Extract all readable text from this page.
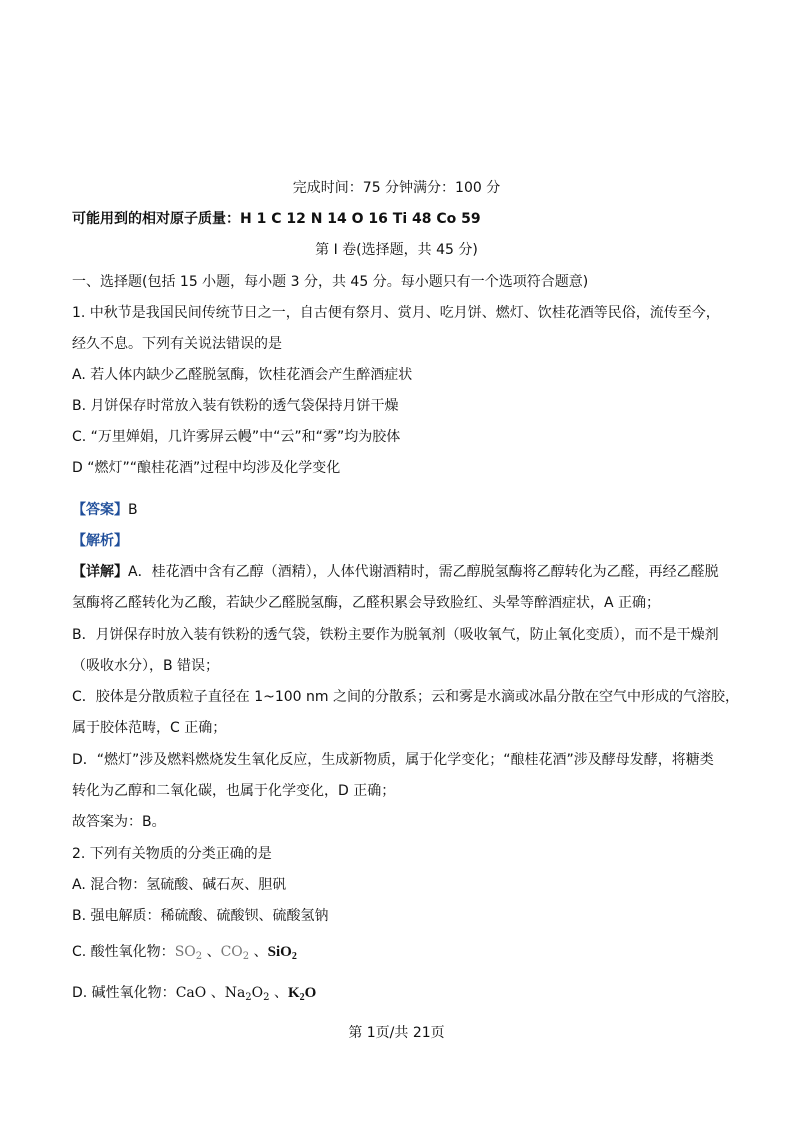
完成时间：75 分钟满分：100 分
可能用到的相对原子质量：H 1 C 12 N 14 O 16 Ti 48 Co 59
第 I 卷(选择题，共 45 分)
一、选择题(包括 15 小题，每小题 3 分，共 45 分。每小题只有一个选项符合题意)
1. 中秋节是我国民间传统节日之一，自古便有祭月、赏月、吃月饼、燃灯、饮桂花酒等民俗，流传至今，
经久不息。下列有关说法错误的是
A. 若人体内缺少乙醛脱氢酶，饮桂花酒会产生醉酒症状
B. 月饼保存时常放入装有铁粉的透气袋保持月饼干燥
C. “万里婵娟，几许雾屏云幔”中“云”和“雾”均为胶体
D “燃灯”“酿桂花酒”过程中均涉及化学变化
【答案】B
【解析】
【详解】A．桂花酒中含有乙醇（酒精），人体代谢酒精时，需乙醇脱氢酶将乙醇转化为乙醛，再经乙醛脱
氢酶将乙醛转化为乙酸，若缺少乙醛脱氢酶，乙醛积累会导致脸红、头晕等醉酒症状，A 正确；
B．月饼保存时放入装有铁粉的透气袋，铁粉主要作为脱氧剂（吸收氧气，防止氧化变质），而不是干燥剂
（吸收水分），B 错误；
C．胶体是分散质粒子直径在 1~100 nm 之间的分散系；云和雾是水滴或冰晶分散在空气中形成的气溶胶，
属于胶体范畴，C 正确；
D．“燃灯”涉及燃料燃烧发生氧化反应，生成新物质，属于化学变化；“酿桂花酒”涉及酵母发酵，将糖类
转化为乙醇和二氧化碳，也属于化学变化，D 正确；
故答案为：B。
2. 下列有关物质的分类正确的是
A. 混合物：氢硫酸、碱石灰、胆矾
B. 强电解质：稀硫酸、硫酸钡、硫酸氢钠
C. 酸性氧化物：$SO_2$ 、$CO_2$ 、SiO$_2$
D. 碱性氧化物：CaO 、$Na_2O_2$ 、$K_2O$
第 1页/共 21页
